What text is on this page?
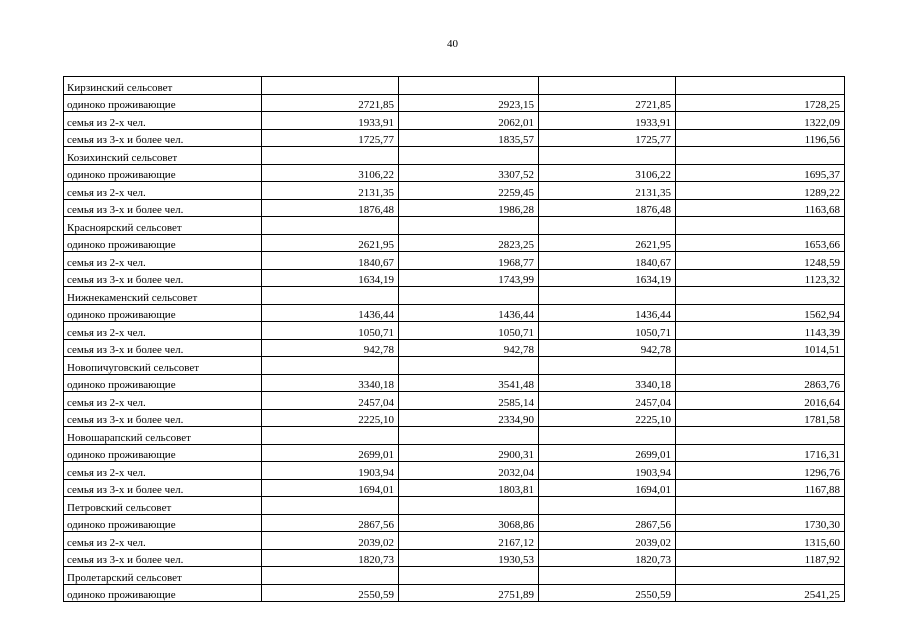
40
Кирзинский сельсовет				
одиноко проживающие	2721,85	2923,15	2721,85	1728,25
семья из 2-х чел.	1933,91	2062,01	1933,91	1322,09
семья из 3-х и более чел.	1725,77	1835,57	1725,77	1196,56
Козихинский сельсовет				
одиноко проживающие	3106,22	3307,52	3106,22	1695,37
семья из 2-х чел.	2131,35	2259,45	2131,35	1289,22
семья из 3-х и более чел.	1876,48	1986,28	1876,48	1163,68
Красноярский сельсовет				
одиноко проживающие	2621,95	2823,25	2621,95	1653,66
семья из 2-х чел.	1840,67	1968,77	1840,67	1248,59
семья из 3-х и более чел.	1634,19	1743,99	1634,19	1123,32
Нижнекаменский сельсовет				
одиноко проживающие	1436,44	1436,44	1436,44	1562,94
семья из 2-х чел.	1050,71	1050,71	1050,71	1143,39
семья из 3-х и более чел.	942,78	942,78	942,78	1014,51
Новопичуговский сельсовет				
одиноко проживающие	3340,18	3541,48	3340,18	2863,76
семья из 2-х чел.	2457,04	2585,14	2457,04	2016,64
семья из 3-х и более чел.	2225,10	2334,90	2225,10	1781,58
Новошарапский сельсовет				
одиноко проживающие	2699,01	2900,31	2699,01	1716,31
семья из 2-х чел.	1903,94	2032,04	1903,94	1296,76
семья из 3-х и более чел.	1694,01	1803,81	1694,01	1167,88
Петровский сельсовет				
одиноко проживающие	2867,56	3068,86	2867,56	1730,30
семья из 2-х чел.	2039,02	2167,12	2039,02	1315,60
семья из 3-х и более чел.	1820,73	1930,53	1820,73	1187,92
Пролетарский сельсовет				
одиноко проживающие	2550,59	2751,89	2550,59	2541,25
